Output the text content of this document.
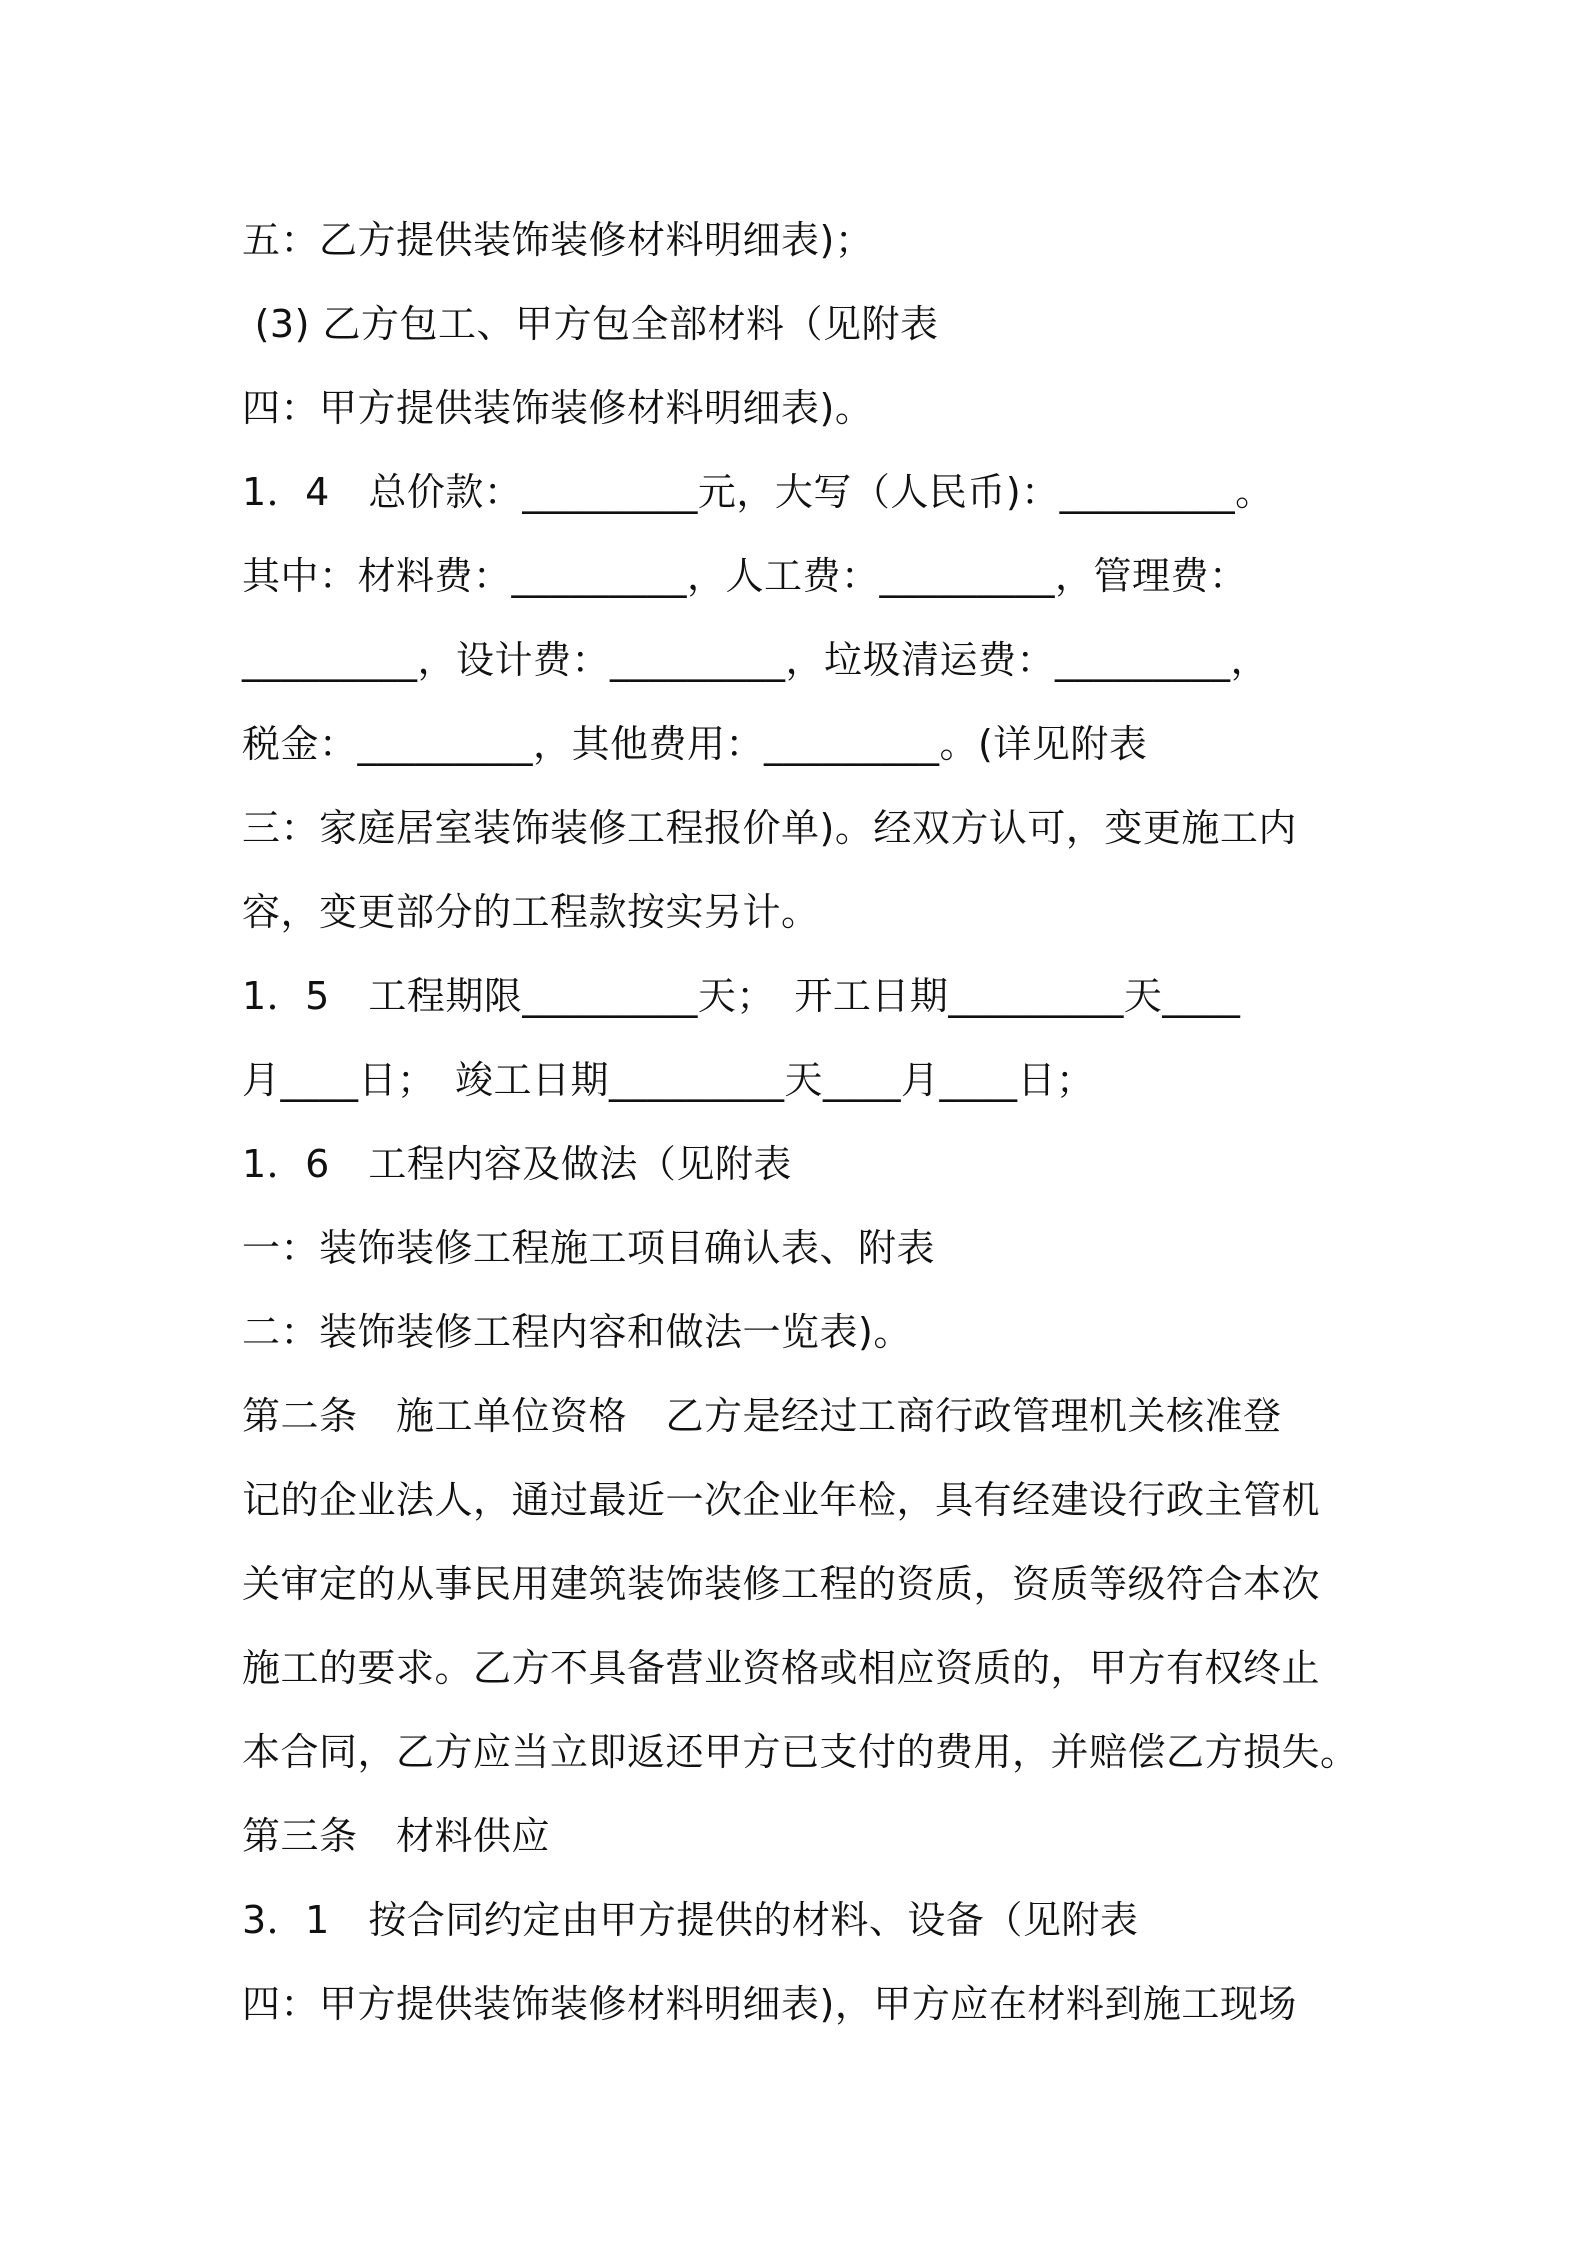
五：乙方提供装饰装修材料明细表)；
(3) 乙方包工、甲方包全部材料（见附表
四：甲方提供装饰装修材料明细表)。
1．4　总价款：_________元，大写（人民币)：_________。
其中：材料费：_________，人工费：_________，管理费：
_________，设计费：_________，垃圾清运费：_________，
税金：_________，其他费用：_________。(详见附表
三：家庭居室装饰装修工程报价单)。经双方认可，变更施工内
容，变更部分的工程款按实另计。
1．5　工程期限_________天；　开工日期_________天____
月____日；　竣工日期_________天____月____日；
1．6　工程内容及做法（见附表
一：装饰装修工程施工项目确认表、附表
二：装饰装修工程内容和做法一览表)。
第二条　施工单位资格　乙方是经过工商行政管理机关核准登
记的企业法人，通过最近一次企业年检，具有经建设行政主管机
关审定的从事民用建筑装饰装修工程的资质，资质等级符合本次
施工的要求。乙方不具备营业资格或相应资质的，甲方有权终止
本合同，乙方应当立即返还甲方已支付的费用，并赔偿乙方损失。
第三条　材料供应
3．1　按合同约定由甲方提供的材料、设备（见附表
四：甲方提供装饰装修材料明细表)，甲方应在材料到施工现场
